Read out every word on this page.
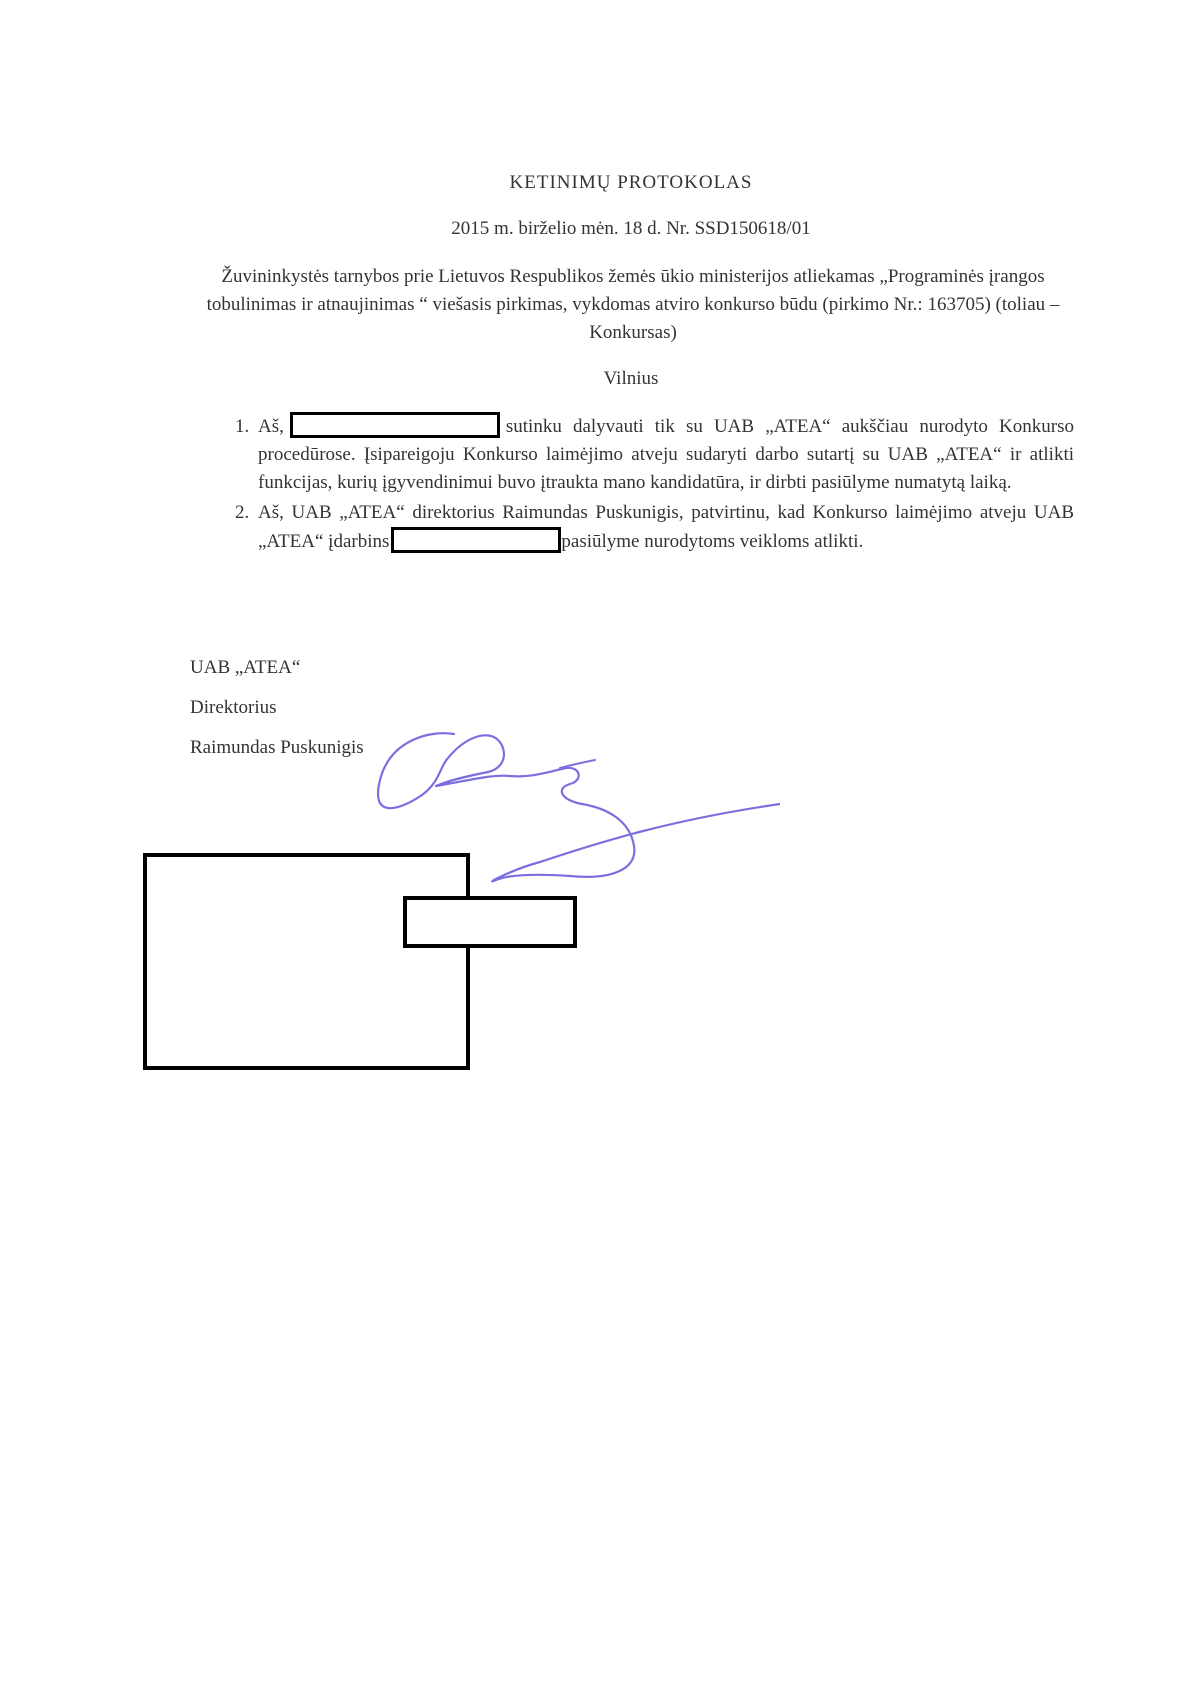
KETINIMŲ PROTOKOLAS
2015 m. birželio mėn. 18 d. Nr. SSD150618/01
Žuvininkystės tarnybos prie Lietuvos Respublikos žemės ūkio ministerijos atliekamas „Programinės įrangos tobulinimas ir atnaujinimas “ viešasis pirkimas, vykdomas atviro konkurso būdu (pirkimo Nr.: 163705) (toliau – Konkursas)
Vilnius
1. Aš,	sutinku dalyvauti tik su UAB „ATEA“ aukščiau nurodyto Konkurso procedūrose. Įsipareigoju Konkurso laimėjimo atveju sudaryti darbo sutartį su UAB „ATEA“ ir atlikti funkcijas, kurių įgyvendinimui buvo įtraukta mano kandidatūra, ir dirbti pasiūlyme numatytą laiką.
2. Aš, UAB „ATEA“ direktorius Raimundas Puskunigis, patvirtinu, kad Konkurso laimėjimo atveju UAB „ATEA“ įdarbins	pasiūlyme nurodytoms veikloms atlikti.
UAB „ATEA“
Direktorius
Raimundas Puskunigis
